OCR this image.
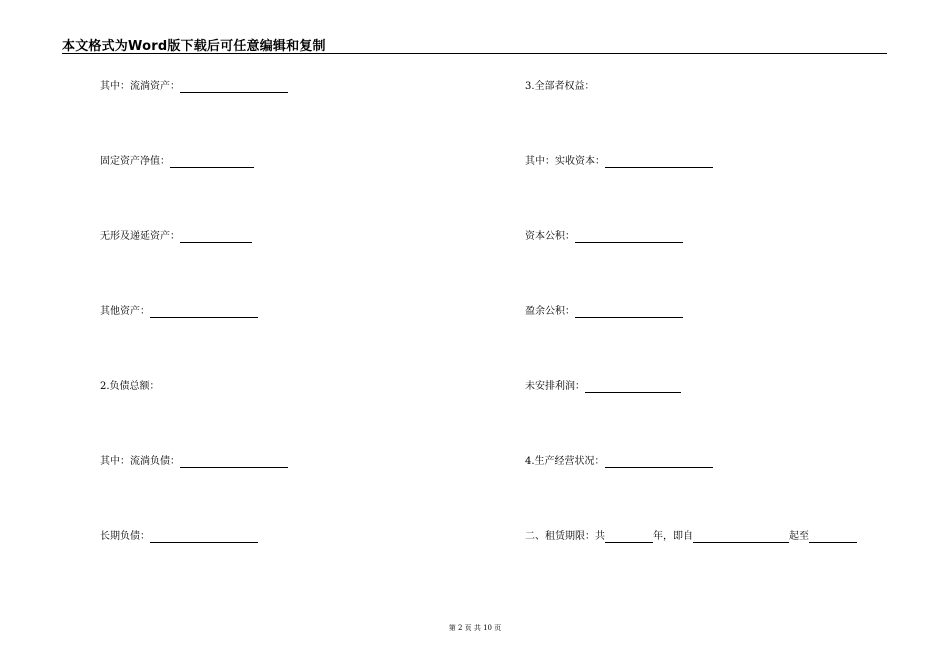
本文格式为Word版下载后可任意编辑和复制
其中：流淌资产：
固定资产净值：
无形及递延资产：
其他资产：
2.负债总额：
其中：流淌负债：
长期负债：
3.全部者权益：
其中：实收资本：
资本公积：
盈余公积：
未安排利润：
4.生产经营状况：
二、租赁期限：共	年，即自	起至
第 2 页 共 10 页
